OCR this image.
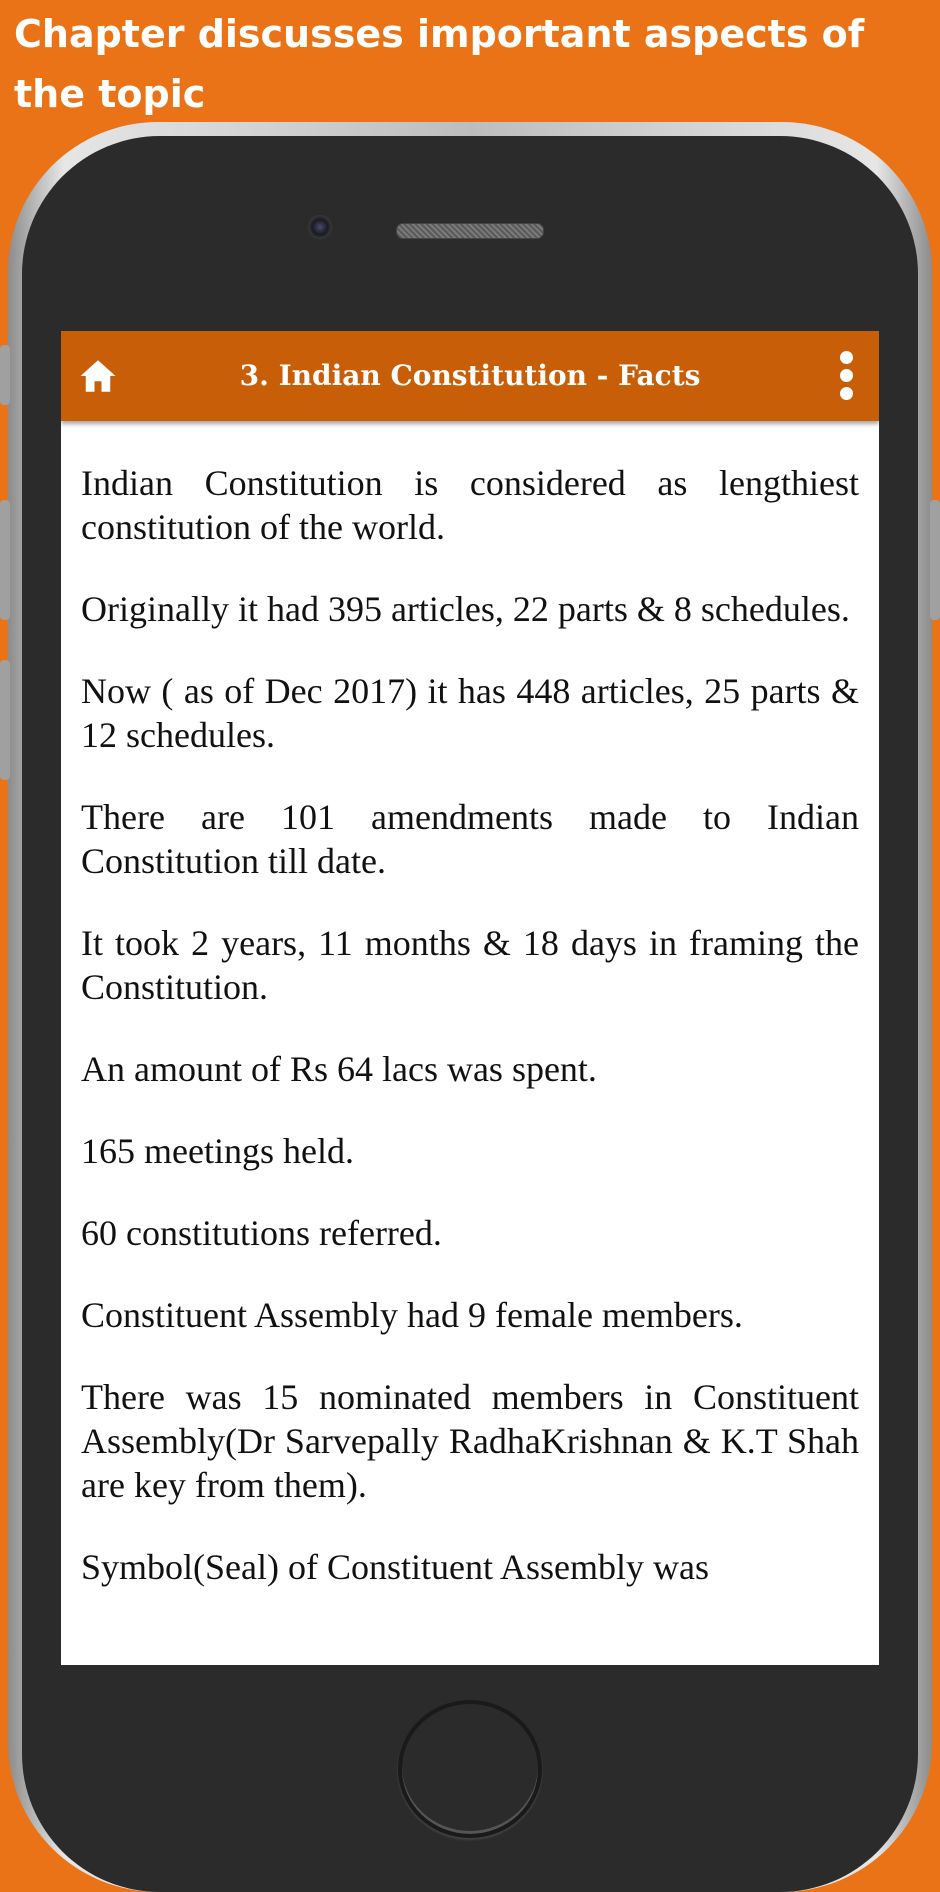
Chapter discusses important aspects of the topic
3. Indian Constitution - Facts

Indian Constitution is considered as lengthiest constitution of the world.

Originally it had 395 articles, 22 parts & 8 schedules.

Now ( as of Dec 2017) it has 448 articles, 25 parts & 12 schedules.

There are 101 amendments made to Indian Constitution till date.

It took 2 years, 11 months & 18 days in framing the Constitution.

An amount of Rs 64 lacs was spent.

165 meetings held.

60 constitutions referred.

Constituent Assembly had 9 female members.

There was 15 nominated members in Constituent Assembly(Dr Sarvepally RadhaKrishnan & K.T Shah are key from them).

Symbol(Seal) of Constituent Assembly was
